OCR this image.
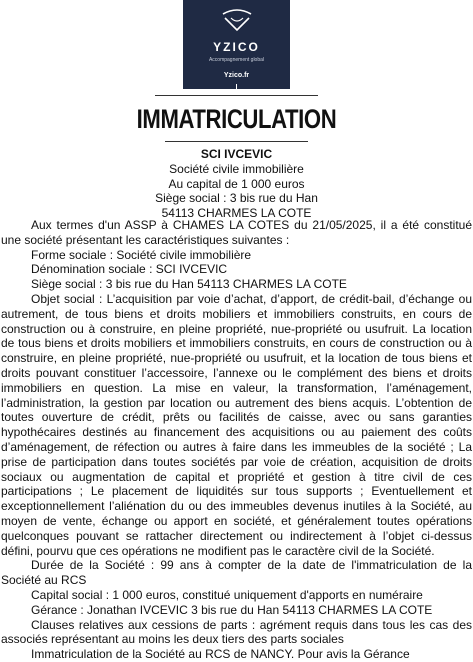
YZICO
Accompagnement global
Yzico.fr
IMMATRICULATION
SCI IVCEVIC
Société civile immobilière
Au capital de 1 000 euros
Siège social : 3 bis rue du Han
54113 CHARMES LA COTE

Aux termes d'un ASSP à CHAMES LA COTES du 21/05/2025, il a été constitué une société présentant les caractéristiques suivantes :

Forme sociale : Société civile immobilière

Dénomination sociale : SCI IVCEVIC

Siège social : 3 bis rue du Han 54113 CHARMES LA COTE

Objet social : L’acquisition par voie d’achat, d’apport, de crédit-bail, d’échange ou autrement, de tous biens et droits mobiliers et immobiliers construits, en cours de construction ou à construire, en pleine propriété, nue-propriété ou usufruit. La location de tous biens et droits mobiliers et immobiliers construits, en cours de construction ou à construire, en pleine propriété, nue-propriété ou usufruit, et la location de tous biens et droits pouvant constituer l’accessoire, l’annexe ou le complément des biens et droits immobiliers en question. La mise en valeur, la transformation, l’aménagement, l’administration, la gestion par location ou autrement des biens acquis. L’obtention de toutes ouverture de crédit, prêts ou facilités de caisse, avec ou sans garanties hypothécaires destinés au financement des acquisitions ou au paiement des coûts d’aménagement, de réfection ou autres à faire dans les immeubles de la société ; La prise de participation dans toutes sociétés par voie de création, acquisition de droits sociaux ou augmentation de capital et propriété et gestion à titre civil de ces participations ; Le placement de liquidités sur tous supports ; Eventuellement et exceptionnellement l’aliénation du ou des immeubles devenus inutiles à la Société, au moyen de vente, échange ou apport en société, et généralement toutes opérations quelconques pouvant se rattacher directement ou indirectement à l’objet ci-dessus défini, pourvu que ces opérations ne modifient pas le caractère civil de la Société.

Durée de la Société : 99 ans à compter de la date de l'immatriculation de la Société au RCS

Capital social : 1 000 euros, constitué uniquement d'apports en numéraire

Gérance : Jonathan IVCEVIC 3 bis rue du Han 54113 CHARMES LA COTE

Clauses relatives aux cessions de parts : agrément requis dans tous les cas des associés représentant au moins les deux tiers des parts sociales

Immatriculation de la Société au RCS de NANCY. Pour avis la Gérance
